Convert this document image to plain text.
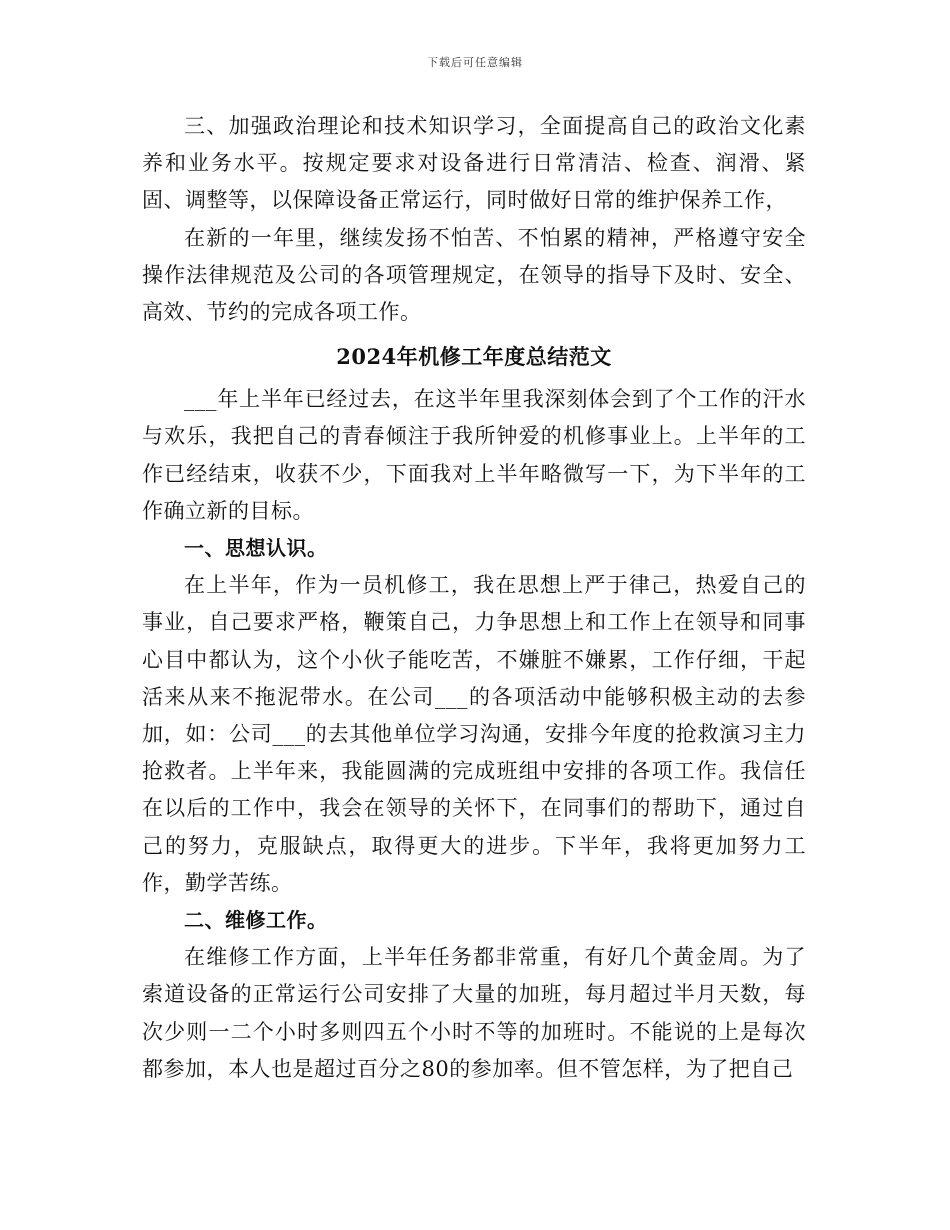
下载后可任意编辑

三、加强政治理论和技术知识学习，全面提高自己的政治文化素养和业务水平。按规定要求对设备进行日常清洁、检查、润滑、紧固、调整等，以保障设备正常运行，同时做好日常的维护保养工作，

在新的一年里，继续发扬不怕苦、不怕累的精神，严格遵守安全操作法律规范及公司的各项管理规定，在领导的指导下及时、安全、高效、节约的完成各项工作。

2024年机修工年度总结范文

___年上半年已经过去，在这半年里我深刻体会到了个工作的汗水与欢乐，我把自己的青春倾注于我所钟爱的机修事业上。上半年的工作已经结束，收获不少，下面我对上半年略微写一下，为下半年的工作确立新的目标。

一、思想认识。

在上半年，作为一员机修工，我在思想上严于律己，热爱自己的事业，自己要求严格，鞭策自己，力争思想上和工作上在领导和同事心目中都认为，这个小伙子能吃苦，不嫌脏不嫌累，工作仔细，干起活来从来不拖泥带水。在公司___的各项活动中能够积极主动的去参加，如：公司___的去其他单位学习沟通，安排今年度的抢救演习主力抢救者。上半年来，我能圆满的完成班组中安排的各项工作。我信任在以后的工作中，我会在领导的关怀下，在同事们的帮助下，通过自己的努力，克服缺点，取得更大的进步。下半年，我将更加努力工作，勤学苦练。

二、维修工作。

在维修工作方面，上半年任务都非常重，有好几个黄金周。为了索道设备的正常运行公司安排了大量的加班，每月超过半月天数，每次少则一二个小时多则四五个小时不等的加班时。不能说的上是每次都参加，本人也是超过百分之80的参加率。但不管怎样，为了把自己
